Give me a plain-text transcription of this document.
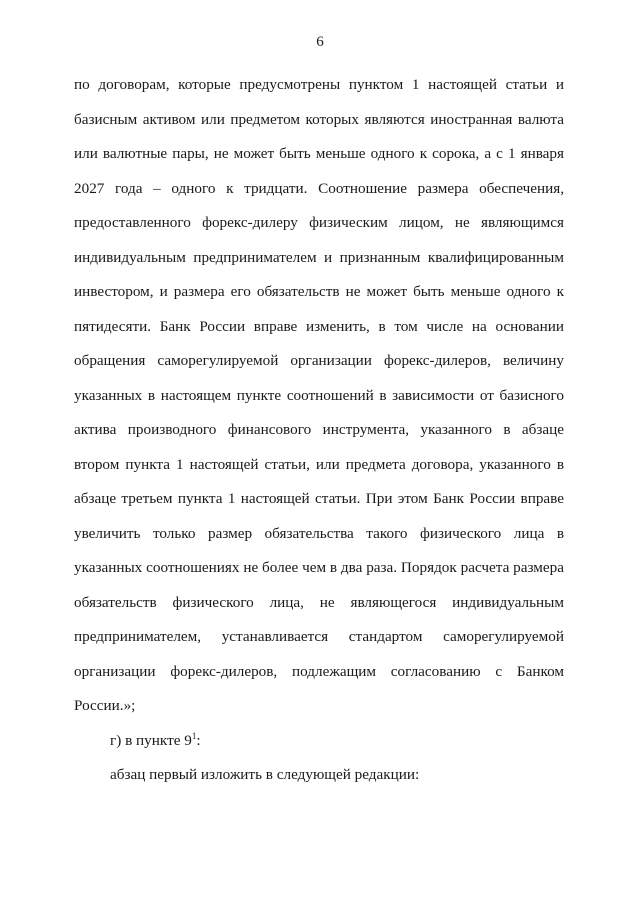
6
по договорам, которые предусмотрены пунктом 1 настоящей статьи и
базисным активом или предметом которых являются иностранная валюта
или валютные пары, не может быть меньше одного к сорока, а с 1 января
2027 года – одного к тридцати. Соотношение размера обеспечения,
предоставленного форекс-дилеру физическим лицом, не являющимся
индивидуальным предпринимателем и признанным квалифицированным
инвестором, и размера его обязательств не может быть меньше одного к
пятидесяти. Банк России вправе изменить, в том числе на основании
обращения саморегулируемой организации форекс-дилеров, величину
указанных в настоящем пункте соотношений в зависимости от базисного
актива производного финансового инструмента, указанного в абзаце
втором пункта 1 настоящей статьи, или предмета договора, указанного в
абзаце третьем пункта 1 настоящей статьи. При этом Банк России вправе
увеличить только размер обязательства такого физического лица в
указанных соотношениях не более чем в два раза. Порядок расчета размера
обязательств физического лица, не являющегося индивидуальным
предпринимателем, устанавливается стандартом саморегулируемой
организации форекс-дилеров, подлежащим согласованию с Банком
России.»;
г) в пункте $9^1$:
абзац первый изложить в следующей редакции:
